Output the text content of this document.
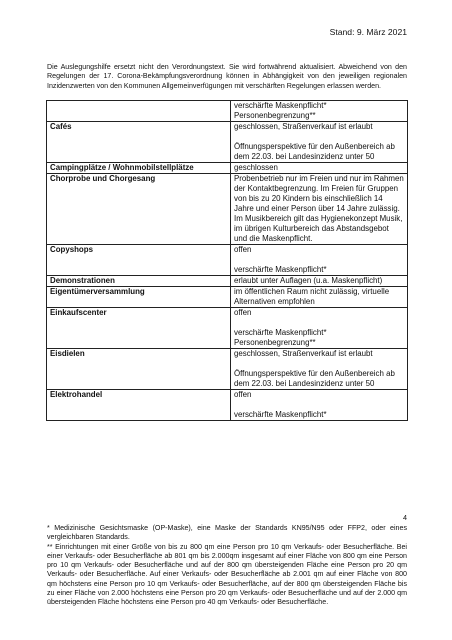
Stand: 9. März 2021

Die Auslegungshilfe ersetzt nicht den Verordnungstext. Sie wird fortwährend aktualisiert. Abweichend von den Regelungen der 17. Corona-Bekämpfungsverordnung können in Abhängigkeit von den jeweiligen regionalen Inzidenzwerten von den Kommunen Allgemeinverfügungen mit verschärften Regelungen erlassen werden.

	verschärfte Maskenpflicht*
Personenbegrenzung**

Cafés	geschlossen, Straßenverkauf ist erlaubt
Öffnungsperspektive für den Außenbereich ab dem 22.03. bei Landesinzidenz unter 50

Campingplätze / Wohnmobilstellplätze	geschlossen

Chorprobe und Chorgesang	Probenbetrieb nur im Freien und nur im Rahmen der Kontaktbegrenzung. Im Freien für Gruppen von bis zu 20 Kindern bis einschließlich 14 Jahre und einer Person über 14 Jahre zulässig. Im Musikbereich gilt das Hygienekonzept Musik, im übrigen Kulturbereich das Abstandsgebot und die Maskenpflicht.

Copyshops	offen
verschärfte Maskenpflicht*

Demonstrationen	erlaubt unter Auflagen (u.a. Maskenpflicht)

Eigentümerversammlung	im öffentlichen Raum nicht zulässig, virtuelle Alternativen empfohlen

Einkaufscenter	offen
verschärfte Maskenpflicht*
Personenbegrenzung**

Eisdielen	geschlossen, Straßenverkauf ist erlaubt
Öffnungsperspektive für den Außenbereich ab dem 22.03. bei Landesinzidenz unter 50

Elektrohandel	offen
verschärfte Maskenpflicht*
4

* Medizinische Gesichtsmaske (OP-Maske), eine Maske der Standards KN95/N95 oder FFP2, oder eines vergleichbaren Standards.

** Einrichtungen mit einer Größe von bis zu 800 qm eine Person pro 10 qm Verkaufs- oder Besucherfläche. Bei einer Verkaufs- oder Besucherfläche ab 801 qm bis 2.000qm insgesamt auf einer Fläche von 800 qm eine Person pro 10 qm Verkaufs- oder Besucherfläche und auf der 800 qm übersteigenden Fläche eine Person pro 20 qm Verkaufs- oder Besucherfläche. Auf einer Verkaufs- oder Besucherfläche ab 2.001 qm auf einer Fläche von 800 qm höchstens eine Person pro 10 qm Verkaufs- oder Besucherfläche, auf der 800 qm übersteigenden Fläche bis zu einer Fläche von 2.000 höchstens eine Person pro 20 qm Verkaufs- oder Besucherfläche und auf der 2.000 qm übersteigenden Fläche höchstens eine Person pro 40 qm Verkaufs- oder Besucherfläche.
